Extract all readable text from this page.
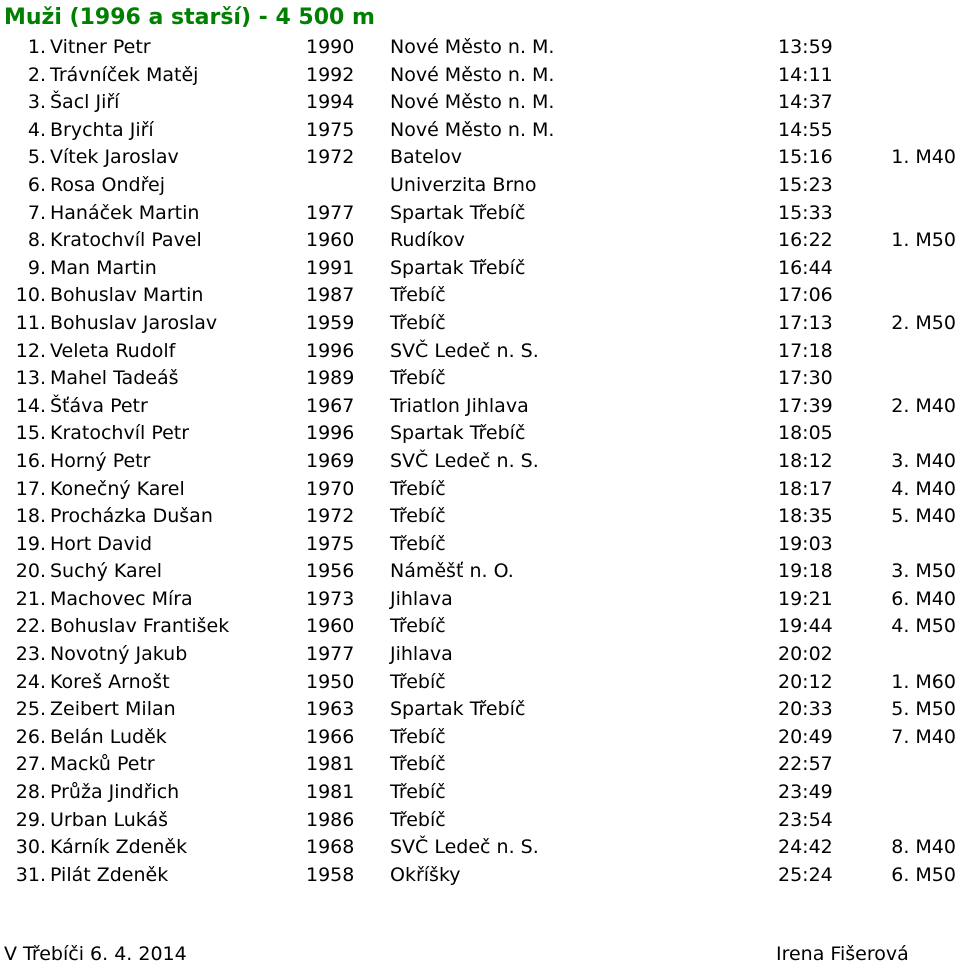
Muži (1996 a starší) - 4 500 m
1. Vitner Petr	1990 Nové Město n. M.	13:59
2. Trávníček Matěj	1992 Nové Město n. M.	14:11
3. Šacl Jiří	1994 Nové Město n. M.	14:37
4. Brychta Jiří	1975 Nové Město n. M.	14:55
5. Vítek Jaroslav	1972 Batelov	15:16	1. M40
6. Rosa Ondřej	Univerzita Brno	15:23
7. Hanáček Martin	1977 Spartak Třebíč	15:33
8. Kratochvíl Pavel	1960 Rudíkov	16:22	1. M50
9. Man Martin	1991 Spartak Třebíč	16:44
10. Bohuslav Martin	1987 Třebíč	17:06
11. Bohuslav Jaroslav	1959 Třebíč	17:13	2. M50
12. Veleta Rudolf	1996 SVČ Ledeč n. S.	17:18
13. Mahel Tadeáš	1989 Třebíč	17:30
14. Šťáva Petr	1967 Triatlon Jihlava	17:39	2. M40
15. Kratochvíl Petr	1996 Spartak Třebíč	18:05
16. Horný Petr	1969 SVČ Ledeč n. S.	18:12	3. M40
17. Konečný Karel	1970 Třebíč	18:17	4. M40
18. Procházka Dušan	1972 Třebíč	18:35	5. M40
19. Hort David	1975 Třebíč	19:03
20. Suchý Karel	1956 Náměšť n. O.	19:18	3. M50
21. Machovec Míra	1973 Jihlava	19:21	6. M40
22. Bohuslav František	1960 Třebíč	19:44	4. M50
23. Novotný Jakub	1977 Jihlava	20:02
24. Koreš Arnošt	1950 Třebíč	20:12	1. M60
25. Zeibert Milan	1963 Spartak Třebíč	20:33	5. M50
26. Belán Luděk	1966 Třebíč	20:49	7. M40
27. Macků Petr	1981 Třebíč	22:57
28. Průža Jindřich	1981 Třebíč	23:49
29. Urban Lukáš	1986 Třebíč	23:54
30. Kárník Zdeněk	1968 SVČ Ledeč n. S.	24:42	8. M40
31. Pilát Zdeněk	1958 Okříšky	25:24	6. M50
V Třebíči 6. 4. 2014	Irena Fišerová
